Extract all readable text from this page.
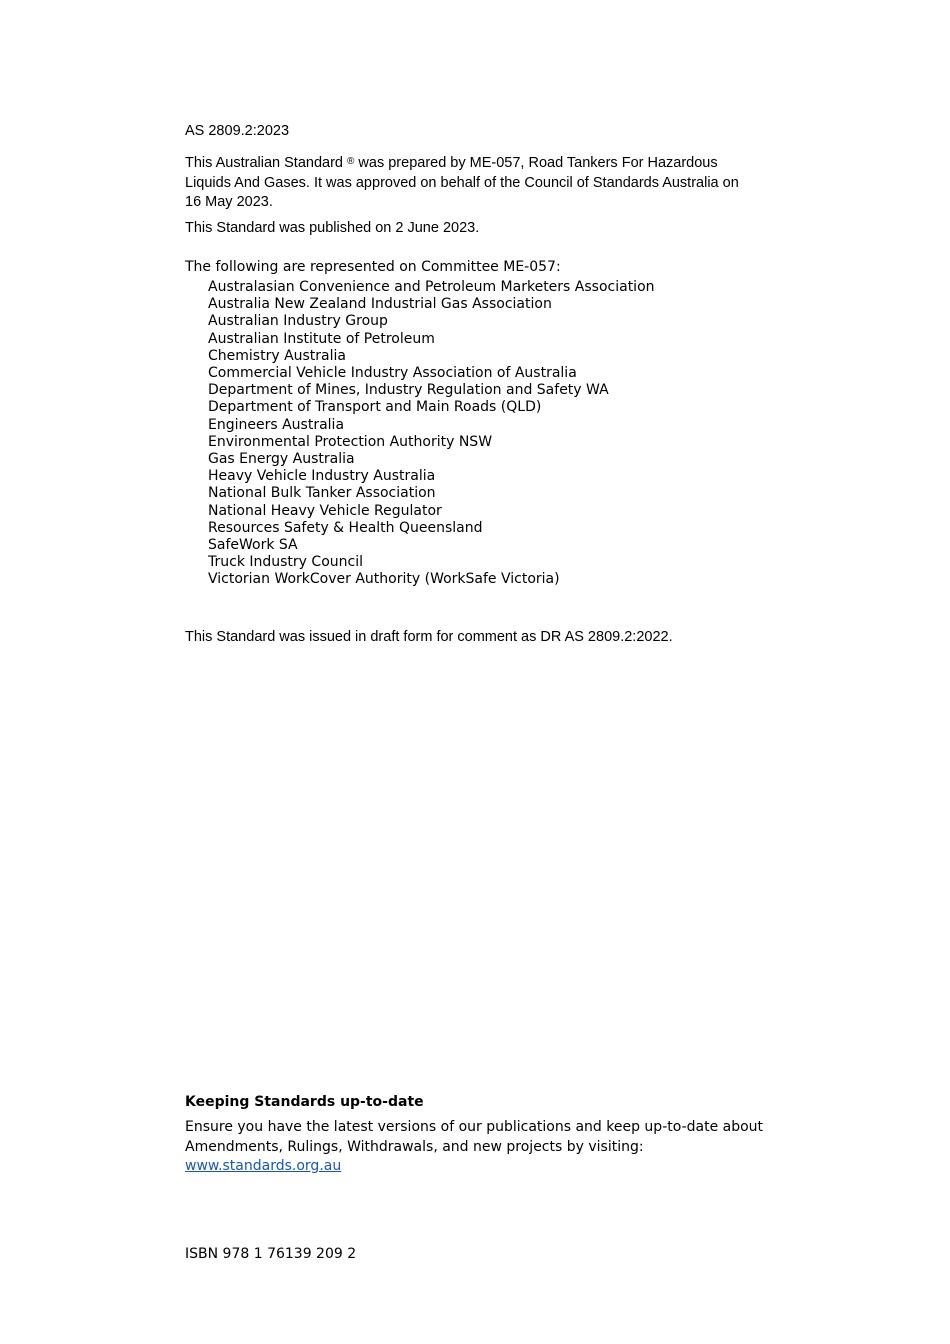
AS 2809.2:2023
This Australian Standard ® was prepared by ME-057, Road Tankers For Hazardous Liquids And Gases. It was approved on behalf of the Council of Standards Australia on 16 May 2023.
This Standard was published on 2 June 2023.
The following are represented on Committee ME-057:
Australasian Convenience and Petroleum Marketers Association
Australia New Zealand Industrial Gas Association
Australian Industry Group
Australian Institute of Petroleum
Chemistry Australia
Commercial Vehicle Industry Association of Australia
Department of Mines, Industry Regulation and Safety WA
Department of Transport and Main Roads (QLD)
Engineers Australia
Environmental Protection Authority NSW
Gas Energy Australia
Heavy Vehicle Industry Australia
National Bulk Tanker Association
National Heavy Vehicle Regulator
Resources Safety & Health Queensland
SafeWork SA
Truck Industry Council
Victorian WorkCover Authority (WorkSafe Victoria)
This Standard was issued in draft form for comment as DR AS 2809.2:2022.
Keeping Standards up-to-date
Ensure you have the latest versions of our publications and keep up-to-date about Amendments, Rulings, Withdrawals, and new projects by visiting:
www.standards.org.au
ISBN 978 1 76139 209 2
